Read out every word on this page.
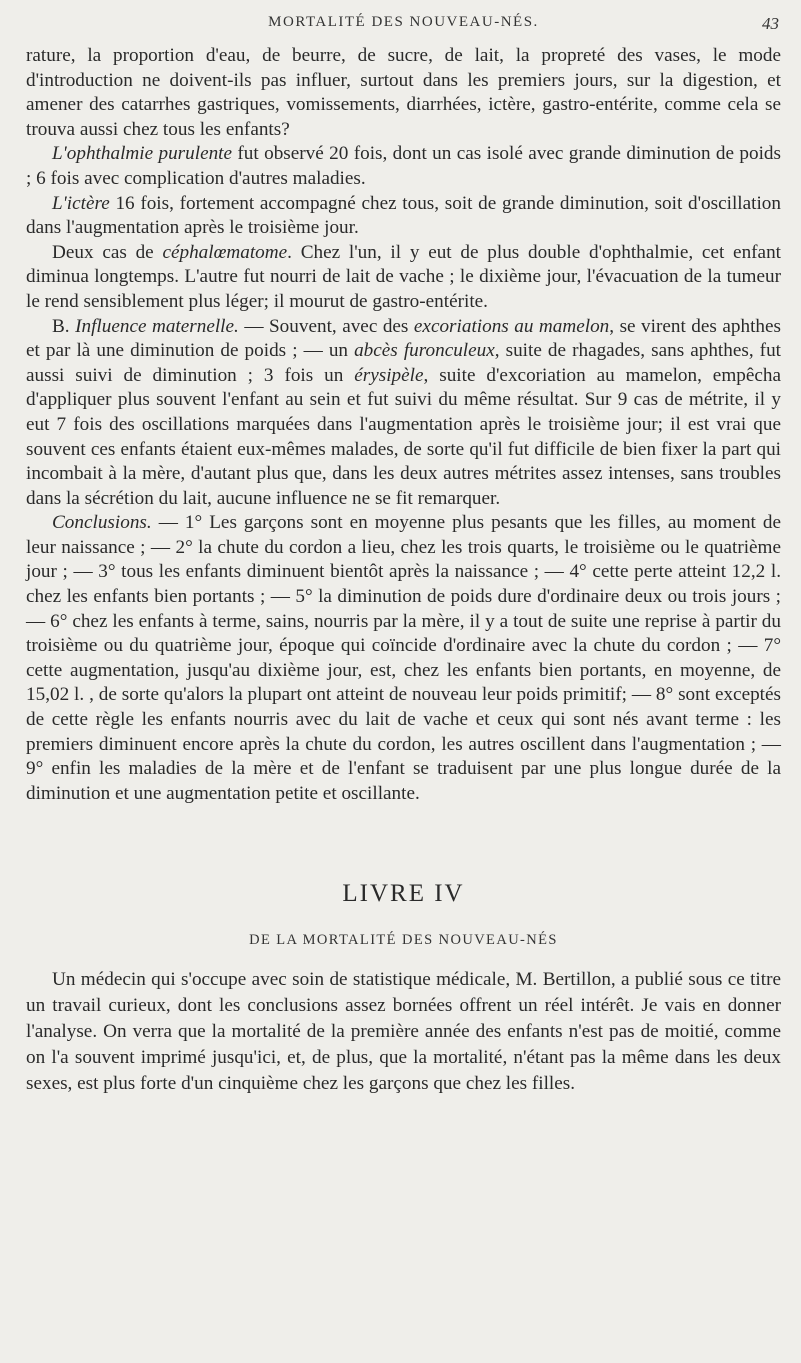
MORTALITÉ DES NOUVEAU-NÉS.	43

rature, la proportion d'eau, de beurre, de sucre, de lait, la propreté des vases, le mode d'introduction ne doivent-ils pas influer, surtout dans les premiers jours, sur la digestion, et amener des catarrhes gastriques, vomissements, diarrhées, ictère, gastro-entérite, comme cela se trouva aussi chez tous les enfants?

L'ophthalmie purulente fut observé 20 fois, dont un cas isolé avec grande diminution de poids ; 6 fois avec complication d'autres maladies.

L'ictère 16 fois, fortement accompagné chez tous, soit de grande diminution, soit d'oscillation dans l'augmentation après le troisième jour.

Deux cas de céphalœmatome. Chez l'un, il y eut de plus double d'ophthalmie, cet enfant diminua longtemps. L'autre fut nourri de lait de vache ; le dixième jour, l'évacuation de la tumeur le rend sensiblement plus léger; il mourut de gastro-entérite.

B. Influence maternelle. — Souvent, avec des excoriations au mamelon, se virent des aphthes et par là une diminution de poids ; — un abcès furonculeux, suite de rhagades, sans aphthes, fut aussi suivi de diminution ; 3 fois un érysipèle, suite d'excoriation au mamelon, empêcha d'appliquer plus souvent l'enfant au sein et fut suivi du même résultat. Sur 9 cas de métrite, il y eut 7 fois des oscillations marquées dans l'augmentation après le troisième jour; il est vrai que souvent ces enfants étaient eux-mêmes malades, de sorte qu'il fut difficile de bien fixer la part qui incombait à la mère, d'autant plus que, dans les deux autres métrites assez intenses, sans troubles dans la sécrétion du lait, aucune influence ne se fit remarquer.

Conclusions. — 1° Les garçons sont en moyenne plus pesants que les filles, au moment de leur naissance ; — 2° la chute du cordon a lieu, chez les trois quarts, le troisième ou le quatrième jour ; — 3° tous les enfants diminuent bientôt après la naissance ; — 4° cette perte atteint 12,2 l. chez les enfants bien portants ; — 5° la diminution de poids dure d'ordinaire deux ou trois jours ; — 6° chez les enfants à terme, sains, nourris par la mère, il y a tout de suite une reprise à partir du troisième ou du quatrième jour, époque qui coïncide d'ordinaire avec la chute du cordon ; — 7° cette augmentation, jusqu'au dixième jour, est, chez les enfants bien portants, en moyenne, de 15,02 l. , de sorte qu'alors la plupart ont atteint de nouveau leur poids primitif; — 8° sont exceptés de cette règle les enfants nourris avec du lait de vache et ceux qui sont nés avant terme : les premiers diminuent encore après la chute du cordon, les autres oscillent dans l'augmentation ; — 9° enfin les maladies de la mère et de l'enfant se traduisent par une plus longue durée de la diminution et une augmentation petite et oscillante.

LIVRE IV
DE LA MORTALITÉ DES NOUVEAU-NÉS

Un médecin qui s'occupe avec soin de statistique médicale, M. Bertillon, a publié sous ce titre un travail curieux, dont les conclusions assez bornées offrent un réel intérêt. Je vais en donner l'analyse. On verra que la mortalité de la première année des enfants n'est pas de moitié, comme on l'a souvent imprimé jusqu'ici, et, de plus, que la mortalité, n'étant pas la même dans les deux sexes, est plus forte d'un cinquième chez les garçons que chez les filles.
